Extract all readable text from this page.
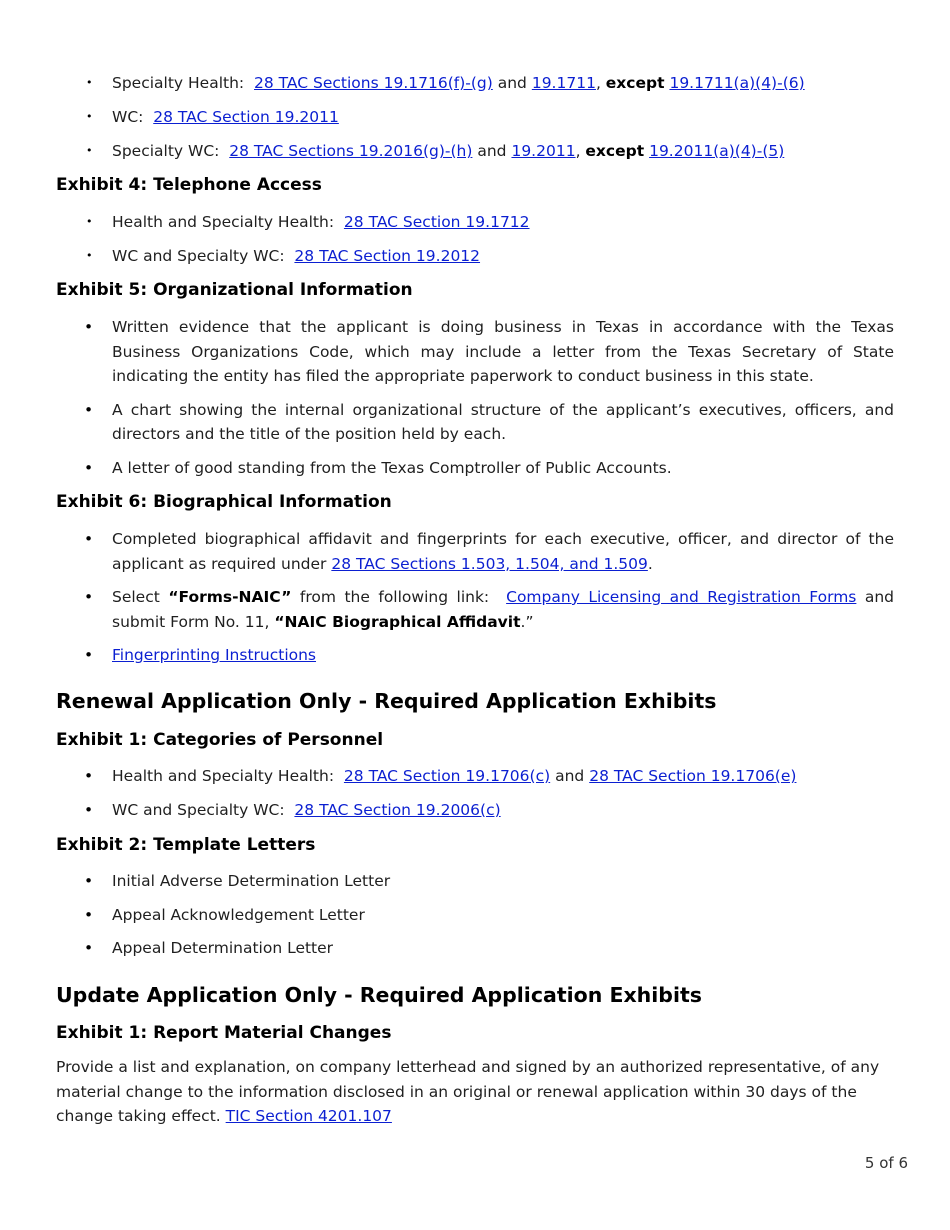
• Specialty Health: 28 TAC Sections 19.1716(f)-(g) and 19.1711, except 19.1711(a)(4)-(6)
• WC: 28 TAC Section 19.2011
• Specialty WC: 28 TAC Sections 19.2016(g)-(h) and 19.2011, except 19.2011(a)(4)-(5)
Exhibit 4: Telephone Access
• Health and Specialty Health: 28 TAC Section 19.1712
• WC and Specialty WC: 28 TAC Section 19.2012
Exhibit 5: Organizational Information
• Written evidence that the applicant is doing business in Texas in accordance with the Texas Business Organizations Code, which may include a letter from the Texas Secretary of State indicating the entity has filed the appropriate paperwork to conduct business in this state.
• A chart showing the internal organizational structure of the applicant’s executives, officers, and directors and the title of the position held by each.
• A letter of good standing from the Texas Comptroller of Public Accounts.
Exhibit 6: Biographical Information
• Completed biographical affidavit and fingerprints for each executive, officer, and director of the applicant as required under 28 TAC Sections 1.503, 1.504, and 1.509.
• Select “Forms-NAIC” from the following link: Company Licensing and Registration Forms and submit Form No. 11, “NAIC Biographical Affidavit.”
• Fingerprinting Instructions
Renewal Application Only - Required Application Exhibits
Exhibit 1: Categories of Personnel
• Health and Specialty Health: 28 TAC Section 19.1706(c) and 28 TAC Section 19.1706(e)
• WC and Specialty WC: 28 TAC Section 19.2006(c)
Exhibit 2: Template Letters
• Initial Adverse Determination Letter
• Appeal Acknowledgement Letter
• Appeal Determination Letter
Update Application Only - Required Application Exhibits
Exhibit 1: Report Material Changes
Provide a list and explanation, on company letterhead and signed by an authorized representative, of any material change to the information disclosed in an original or renewal application within 30 days of the change taking effect. TIC Section 4201.107
5 of 6
